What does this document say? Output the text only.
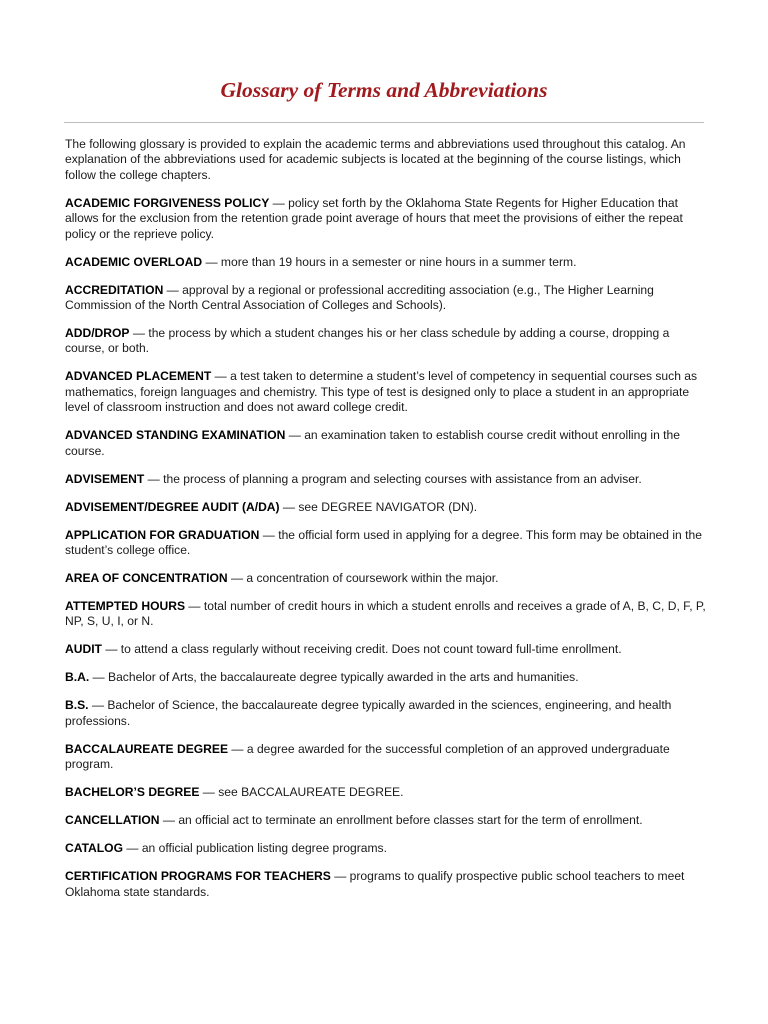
Glossary of Terms and Abbreviations

The following glossary is provided to explain the academic terms and abbreviations used throughout this catalog. An explanation of the abbreviations used for academic subjects is located at the beginning of the course listings, which follow the college chapters.

ACADEMIC FORGIVENESS POLICY — policy set forth by the Oklahoma State Regents for Higher Education that allows for the exclusion from the retention grade point average of hours that meet the provisions of either the repeat policy or the reprieve policy.

ACADEMIC OVERLOAD — more than 19 hours in a semester or nine hours in a summer term.

ACCREDITATION — approval by a regional or professional accrediting association (e.g., The Higher Learning Commission of the North Central Association of Colleges and Schools).

ADD/DROP — the process by which a student changes his or her class schedule by adding a course, dropping a course, or both.

ADVANCED PLACEMENT — a test taken to determine a student’s level of competency in sequential courses such as mathematics, foreign languages and chemistry. This type of test is designed only to place a student in an appropriate level of classroom instruction and does not award college credit.

ADVANCED STANDING EXAMINATION — an examination taken to establish course credit without enrolling in the course.

ADVISEMENT — the process of planning a program and selecting courses with assistance from an adviser.

ADVISEMENT/DEGREE AUDIT (A/DA) — see DEGREE NAVIGATOR (DN).

APPLICATION FOR GRADUATION — the official form used in applying for a degree. This form may be obtained in the student’s college office.

AREA OF CONCENTRATION — a concentration of coursework within the major.

ATTEMPTED HOURS — total number of credit hours in which a student enrolls and receives a grade of A, B, C, D, F, P, NP, S, U, I, or N.

AUDIT — to attend a class regularly without receiving credit. Does not count toward full-time enrollment.

B.A. — Bachelor of Arts, the baccalaureate degree typically awarded in the arts and humanities.

B.S. — Bachelor of Science, the baccalaureate degree typically awarded in the sciences, engineering, and health professions.

BACCALAUREATE DEGREE — a degree awarded for the successful completion of an approved undergraduate program.

BACHELOR’S DEGREE — see BACCALAUREATE DEGREE.

CANCELLATION — an official act to terminate an enrollment before classes start for the term of enrollment.

CATALOG — an official publication listing degree programs.

CERTIFICATION PROGRAMS FOR TEACHERS — programs to qualify prospective public school teachers to meet Oklahoma state standards.
